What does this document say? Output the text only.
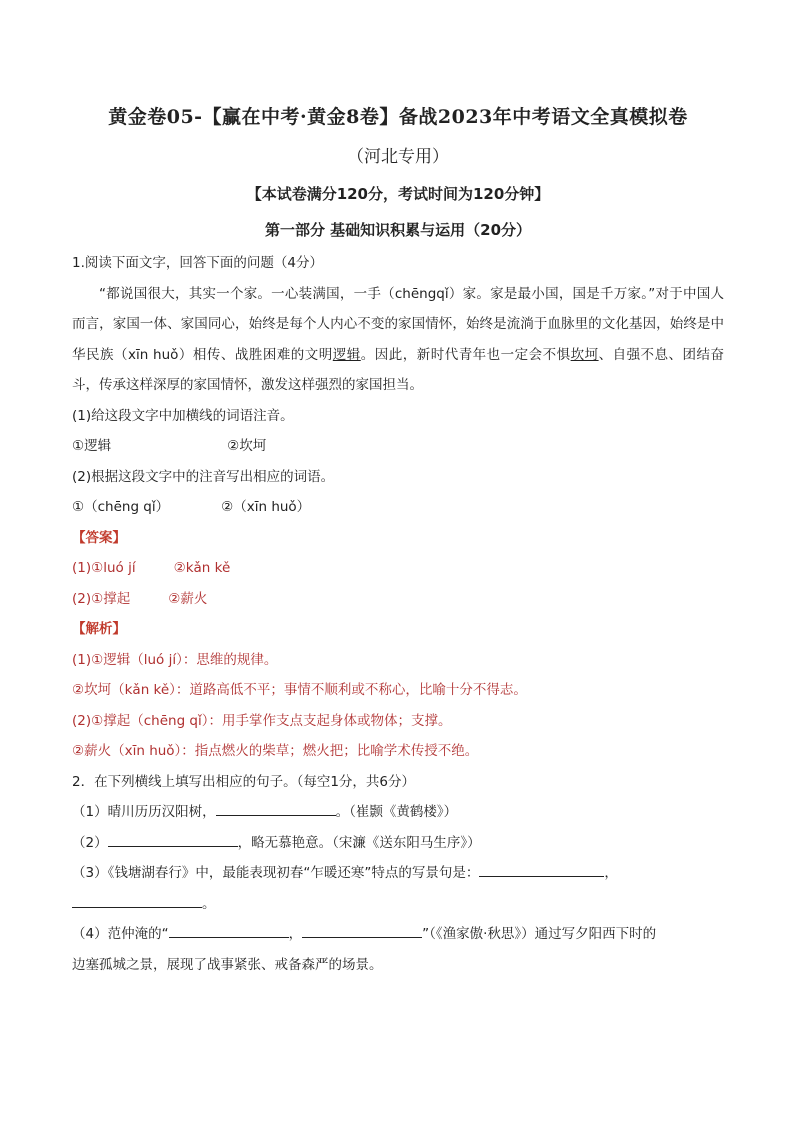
黄金卷05-【赢在中考·黄金8卷】备战2023年中考语文全真模拟卷
（河北专用）
【本试卷满分120分，考试时间为120分钟】
第一部分 基础知识积累与运用（20分）
1.阅读下面文字，回答下面的问题（4分）
“都说国很大，其实一个家。一心装满国，一手（chēngqǐ）家。家是最小国，国是千万家。”对于中国人而言，家国一体、家国同心，始终是每个人内心不变的家国情怀，始终是流淌于血脉里的文化基因，始终是中华民族（xīn huǒ）相传、战胜困难的文明逻辑。因此，新时代青年也一定会不惧坎坷、自强不息、团结奋斗，传承这样深厚的家国情怀，激发这样强烈的家国担当。
(1)给这段文字中加横线的词语注音。
①逻辑	②坎坷
(2)根据这段文字中的注音写出相应的词语。
①（chēng qǐ）	②（xīn huǒ）
【答案】
(1)①luó jí	②kǎn kě
(2)①撑起	②薪火
【解析】
(1)①逻辑（luó jí）：思维的规律。
②坎坷（kǎn kě）：道路高低不平；事情不顺利或不称心，比喻十分不得志。
(2)①撑起（chēng qǐ）：用手掌作支点支起身体或物体；支撑。
②薪火（xīn huǒ）：指点燃火的柴草；燃火把；比喻学术传授不绝。
2．在下列横线上填写出相应的句子。（每空1分，共6分）
（1）晴川历历汉阳树，	。（崔颢《黄鹤楼》）
（2）	，略无慕艳意。（宋濂《送东阳马生序》）
（3）《钱塘湖春行》中，最能表现初春“乍暖还寒”特点的写景句是：	，
。
（4）范仲淹的“	，	”（《渔家傲·秋思》）通过写夕阳西下时的
边塞孤城之景，展现了战事紧张、戒备森严的场景。
